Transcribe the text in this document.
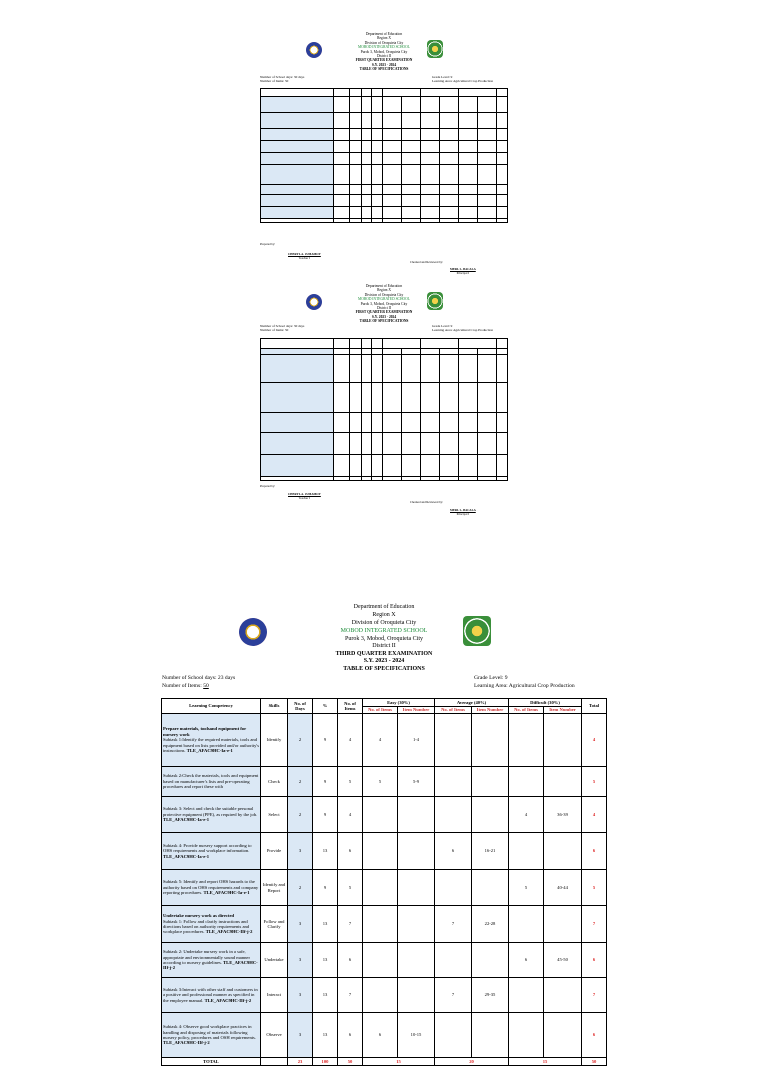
Department of Education
Region X
Division of Oroquieta City
MOBOD INTEGRATED SCHOOL
Purok 3, Mobod, Oroquieta City
District II
FIRST QUARTER EXAMINATION
S.Y. 2023 - 2024
TABLE OF SPECIFICATIONS
Number of School days: 30 days
Number of Items: 50
Grade Level: 9
Learning Area: Agricultural Crop Production

Prepared by:
CHERYL A. JUMAMOY
Teacher I
Checked and Reviewed by:
MERL L. BACALA
Principal I
Department of Education
Region X
Division of Oroquieta City
MOBOD INTEGRATED SCHOOL
Purok 3, Mobod, Oroquieta City
District II
FIRST QUARTER EXAMINATION
S.Y. 2023 - 2024
TABLE OF SPECIFICATIONS
Number of School days: 30 days
Number of Items: 50
Grade Level: 9
Learning Area: Agricultural Crop Production

Prepared by:
CHERYL A. JUMAMOY
Teacher I
Checked and Reviewed by:
MERL L. BACALA
Principal I
Department of Education
Region X
Division of Oroquieta City
MOBOD INTEGRATED SCHOOL
Purok 3, Mobod, Oroquieta City
District II
THIRD QUARTER EXAMINATION
S.Y. 2023 - 2024
TABLE OF SPECIFICATIONS
Number of School days: 23 days
Number of Items: 50
Grade Level: 9
Learning Area: Agricultural Crop Production
Learning Competency	Skills	No. of Days	%	No. of Items	Easy (30%)		Average (40%)		Difficult (30%)		Total
					No. of Items	Item Number	No. of Items	Item Number	No. of Items	Item Number	

Prepare materials, toolsand equipment for nursery work
Subtask 1:Identify the required materials, tools and equipment based on lists provided and/or authority's instructions. TLE_AFAC9HC-Ia-e-1	Identify	2	9	4	4	1-4					4
Subtask 2:Check the materials, tools and equipment based on manufacturer's lists and pre-operating procedures and report these with	Check	2	9	5	5	5-9					5
Subtask 3: Select and check the suitable personal protective equipment (PPE), as required by the job. TLE_AFAC9HC-Ia-e-1	Select	2	9	4					4	36-39	4
Subtask 4: Provide nursery support according to OHS requirements and workplace information. TLE_AFAC9HC-Ia-e-1	Provide	3	13	6			6	16-21			6
Subtask 5: Identify and report OHS hazards to the authority based on OHS requirements and company reporting procedures. TLE_AFAC9HC-Ia-e-1	Identify and Report	2	9	5					5	40-44	5

Undertake nursery work as directed
Subtask 1: Follow and clarify instructions and directions based on authority requirements and workplace procedures. TLE_AFAC9HC-IIf-j-2	Follow and Clarify	3	13	7			7	22-28			7
Subtask 2: Undertake nursery work in a safe, appropriate and environmentally sound manner according to nursery guidelines. TLE_AFAC9HC-IIf-j-2	Undertake	3	13	6					6	45-50	6
Subtask 3:Interact with other staff and customers in a positive and professional manner as specified in the employee manual. TLE_AFAC9HC-IIf-j-2	Interact	3	13	7			7	29-35			7
Subtask 4: Observe good workplace practices in handling and disposing of materials following nursery policy, procedures and OSH requirements. TLE_AFAC9HC-IIf-j-2	Observe	3	13	6	6	10-15					6
TOTAL		23	100	50	15		20		15		50
